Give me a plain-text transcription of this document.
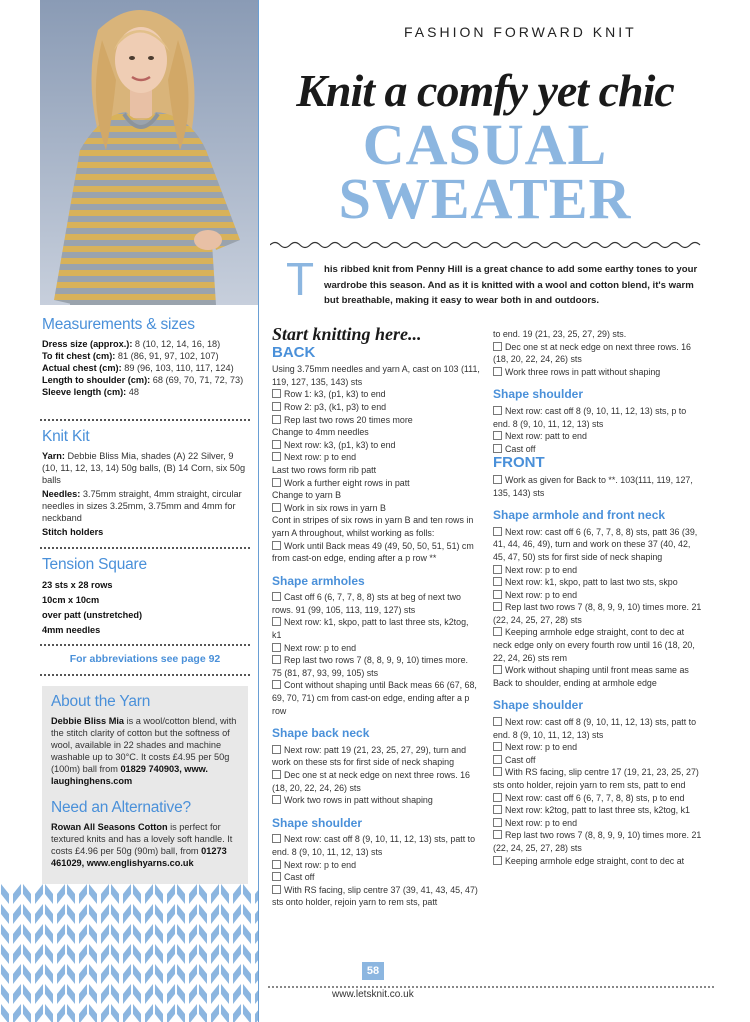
Measurements & sizes
Dress size (approx.): 8 (10, 12, 14, 16, 18)
To fit chest (cm): 81 (86, 91, 97, 102, 107)
Actual chest (cm): 89 (96, 103, 110, 117, 124)
Length to shoulder (cm): 68 (69, 70, 71, 72, 73)
Sleeve length (cm): 48
Knit Kit
Yarn: Debbie Bliss Mia, shades (A) 22 Silver, 9 (10, 11, 12, 13, 14) 50g balls, (B) 14 Corn, six 50g balls
Needles: 3.75mm straight, 4mm straight, circular needles in sizes 3.25mm, 3.75mm and 4mm for neckband
Stitch holders
Tension Square
23 sts x 28 rows
10cm x 10cm
over patt (unstretched)
4mm needles
For abbreviations see page 92
About the Yarn
Debbie Bliss Mia is a wool/cotton blend, with the stitch clarity of cotton but the softness of wool, available in 22 shades and machine washable up to 30°C. It costs £4.95 per 50g (100m) ball from 01829 740903, www. laughinghens.com
Need an Alternative?
Rowan All Seasons Cotton is perfect for textured knits and has a lovely soft handle. It costs £4.96 per 50g (90m) ball, from 01273 461029, www.englishyarns.co.uk
FASHION FORWARD KNIT
Knit a comfy yet chic
CASUAL
SWEATER
T his ribbed knit from Penny Hill is a great chance to add some earthy tones to your wardrobe this season. And as it is knitted with a wool and cotton blend, it's warm but breathable, making it easy to wear both in and outdoors.
Start knitting here...
BACK
Using 3.75mm needles and yarn A, cast on 103 (111, 119, 127, 135, 143) sts
Row 1: k3, (p1, k3) to end
Row 2: p3, (k1, p3) to end
Rep last two rows 20 times more
Change to 4mm needles
Next row: k3, (p1, k3) to end
Next row: p to end
Last two rows form rib patt
Work a further eight rows in patt
Change to yarn B
Work in six rows in yarn B
Cont in stripes of six rows in yarn B and ten rows in yarn A throughout, whilst working as folls:
Work until Back meas 49 (49, 50, 50, 51, 51) cm from cast-on edge, ending after a p row **
Shape armholes
Cast off 6 (6, 7, 7, 8, 8) sts at beg of next two rows. 91 (99, 105, 113, 119, 127) sts
Next row: k1, skpo, patt to last three sts, k2tog, k1
Next row: p to end
Rep last two rows 7 (8, 8, 9, 9, 10) times more. 75 (81, 87, 93, 99, 105) sts
Cont without shaping until Back meas 66 (67, 68, 69, 70, 71) cm from cast-on edge, ending after a p row
Shape back neck
Next row: patt 19 (21, 23, 25, 27, 29), turn and work on these sts for first side of neck shaping
Dec one st at neck edge on next three rows. 16 (18, 20, 22, 24, 26) sts
Work two rows in patt without shaping
Shape shoulder
Next row: cast off 8 (9, 10, 11, 12, 13) sts, patt to end. 8 (9, 10, 11, 12, 13) sts
Next row: p to end
Cast off
With RS facing, slip centre 37 (39, 41, 43, 45, 47) sts onto holder, rejoin yarn to rem sts, patt
to end. 19 (21, 23, 25, 27, 29) sts.
Dec one st at neck edge on next three rows. 16 (18, 20, 22, 24, 26) sts
Work three rows in patt without shaping
Shape shoulder
Next row: cast off 8 (9, 10, 11, 12, 13) sts, p to end. 8 (9, 10, 11, 12, 13) sts
Next row: patt to end
Cast off
FRONT
Work as given for Back to **. 103(111, 119, 127, 135, 143) sts
Shape armhole and front neck
Next row: cast off 6 (6, 7, 7, 8, 8) sts, patt 36 (39, 41, 44, 46, 49), turn and work on these 37 (40, 42, 45, 47, 50) sts for first side of neck shaping
Next row: p to end
Next row: k1, skpo, patt to last two sts, skpo
Next row: p to end
Rep last two rows 7 (8, 8, 9, 9, 10) times more. 21 (22, 24, 25, 27, 28) sts
Keeping armhole edge straight, cont to dec at neck edge only on every fourth row until 16 (18, 20, 22, 24, 26) sts rem
Work without shaping until front meas same as Back to shoulder, ending at armhole edge
Shape shoulder
Next row: cast off 8 (9, 10, 11, 12, 13) sts, patt to end. 8 (9, 10, 11, 12, 13) sts
Next row: p to end
Cast off
With RS facing, slip centre 17 (19, 21, 23, 25, 27) sts onto holder, rejoin yarn to rem sts, patt to end
Next row: cast off 6 (6, 7, 7, 8, 8) sts, p to end
Next row: k2tog, patt to last three sts, k2tog, k1
Next row: p to end
Rep last two rows 7 (8, 8, 9, 9, 10) times more. 21 (22, 24, 25, 27, 28) sts
Keeping armhole edge straight, cont to dec at
58
www.letsknit.co.uk
